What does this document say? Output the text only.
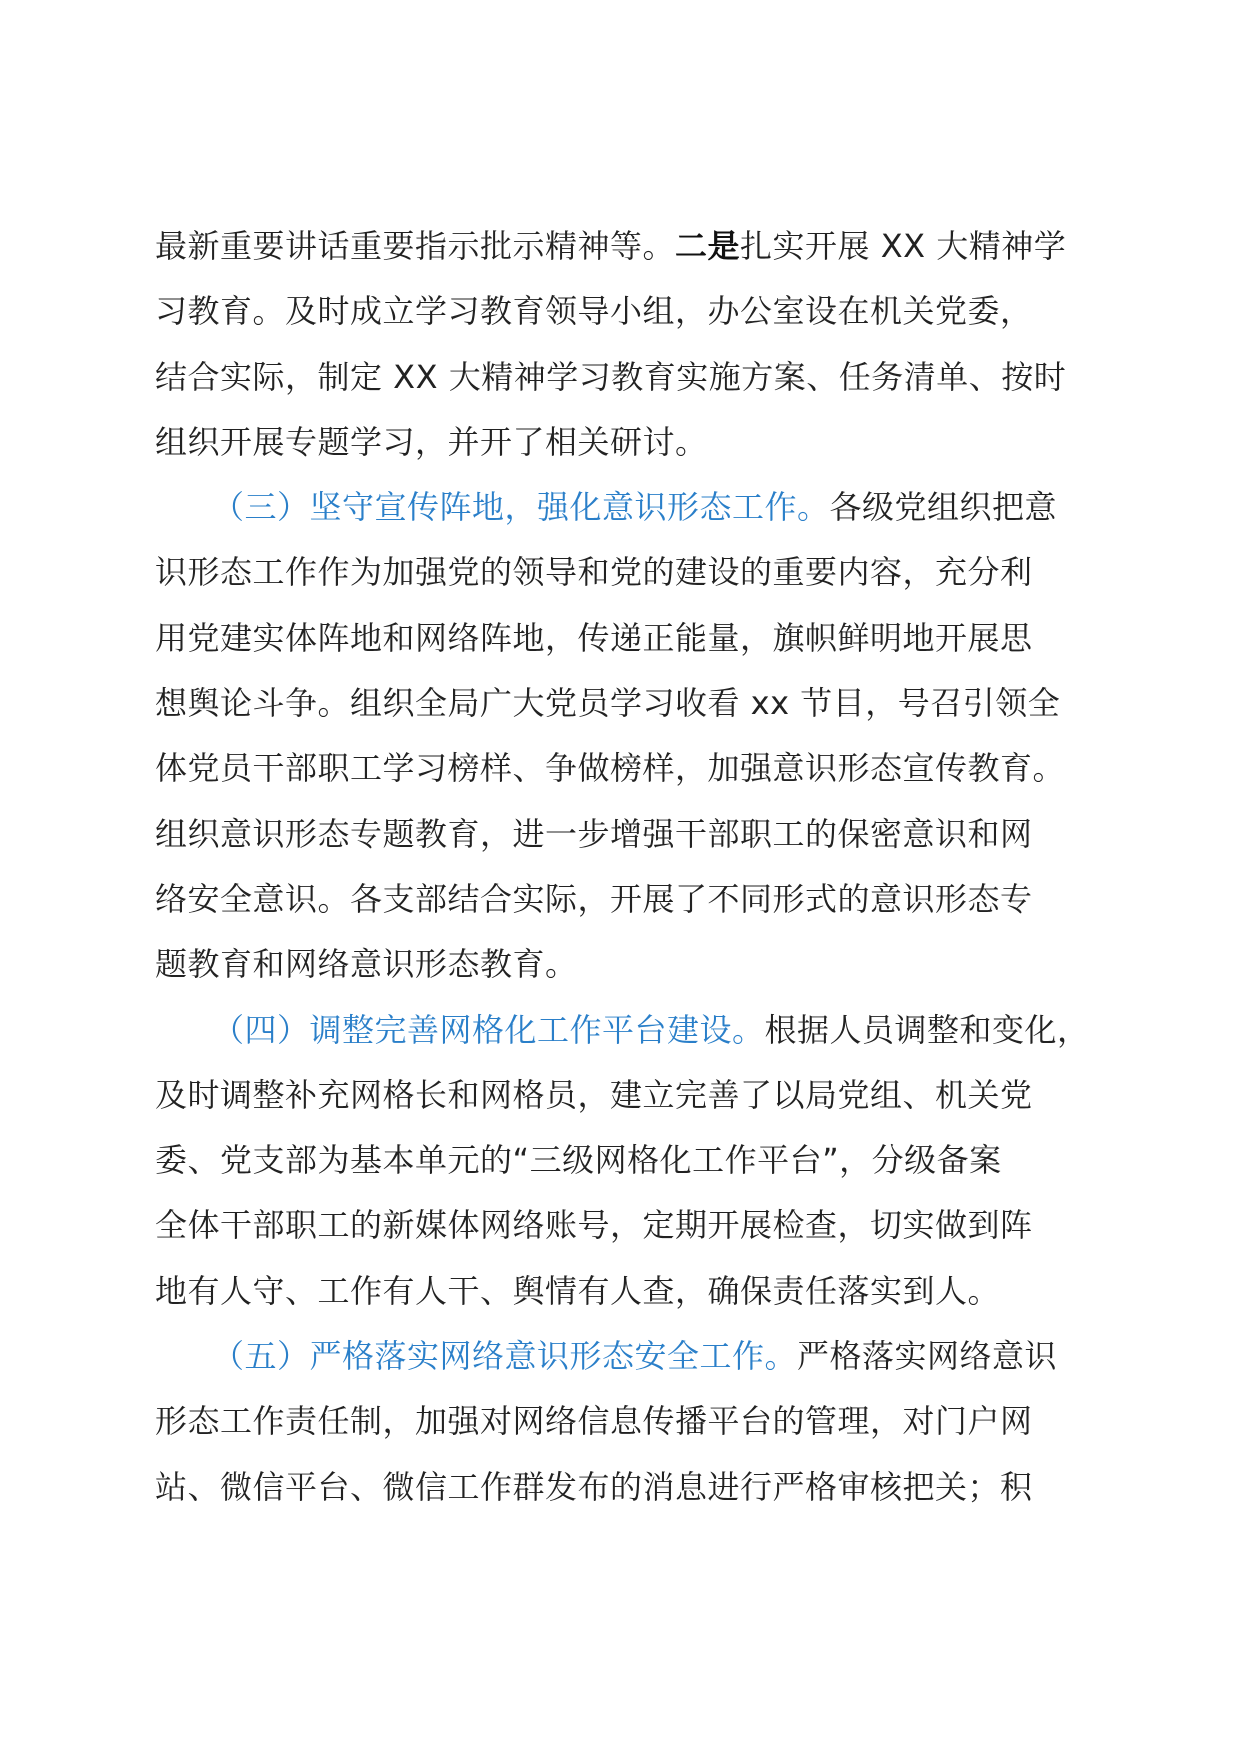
最新重要讲话重要指示批示精神等。二是扎实开展 XX 大精神学
习教育。及时成立学习教育领导小组，办公室设在机关党委，
结合实际，制定 XX 大精神学习教育实施方案、任务清单、按时
组织开展专题学习，并开了相关研讨。
（三）坚守宣传阵地，强化意识形态工作。各级党组织把意
识形态工作作为加强党的领导和党的建设的重要内容，充分利
用党建实体阵地和网络阵地，传递正能量，旗帜鲜明地开展思
想舆论斗争。组织全局广大党员学习收看 xx 节目，号召引领全
体党员干部职工学习榜样、争做榜样，加强意识形态宣传教育。
组织意识形态专题教育，进一步增强干部职工的保密意识和网
络安全意识。各支部结合实际，开展了不同形式的意识形态专
题教育和网络意识形态教育。
（四）调整完善网格化工作平台建设。根据人员调整和变化，
及时调整补充网格长和网格员，建立完善了以局党组、机关党
委、党支部为基本单元的“三级网格化工作平台”，分级备案
全体干部职工的新媒体网络账号，定期开展检查，切实做到阵
地有人守、工作有人干、舆情有人查，确保责任落实到人。
（五）严格落实网络意识形态安全工作。严格落实网络意识
形态工作责任制，加强对网络信息传播平台的管理，对门户网
站、微信平台、微信工作群发布的消息进行严格审核把关；积
